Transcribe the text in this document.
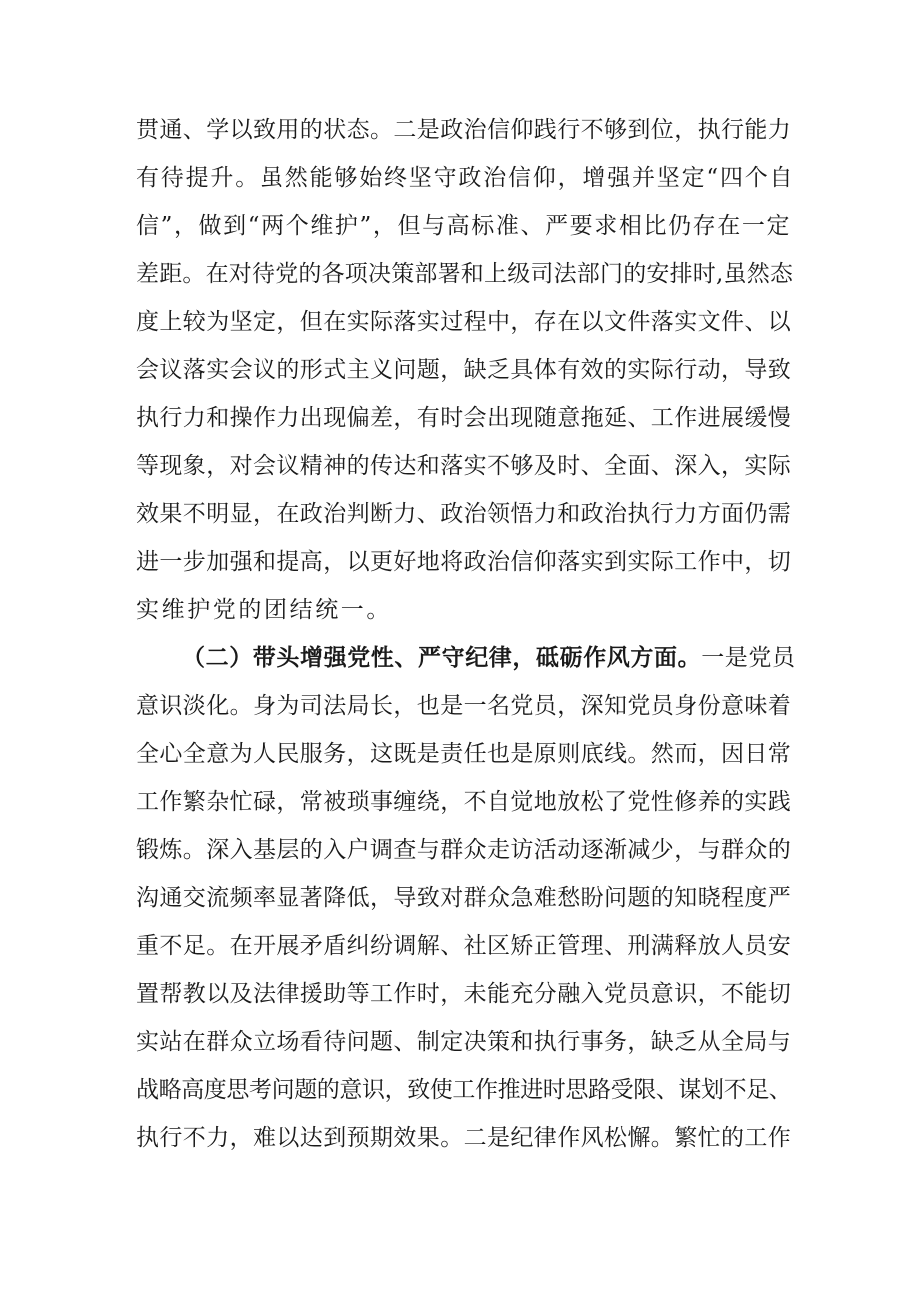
贯通、学以致用的状态。二是政治信仰践行不够到位，执行能力
有待提升。虽然能够始终坚守政治信仰，增强并坚定“四个自
信”，做到“两个维护”，但与高标准、严要求相比仍存在一定
差距。在对待党的各项决策部署和上级司法部门的安排时,虽然态
度上较为坚定，但在实际落实过程中，存在以文件落实文件、以
会议落实会议的形式主义问题，缺乏具体有效的实际行动，导致
执行力和操作力出现偏差，有时会出现随意拖延、工作进展缓慢
等现象，对会议精神的传达和落实不够及时、全面、深入，实际
效果不明显，在政治判断力、政治领悟力和政治执行力方面仍需
进一步加强和提高，以更好地将政治信仰落实到实际工作中，切
实维护党的团结统一。
（二）带头增强党性、严守纪律，砥砺作风方面。一是党员
意识淡化。身为司法局长，也是一名党员，深知党员身份意味着
全心全意为人民服务，这既是责任也是原则底线。然而，因日常
工作繁杂忙碌，常被琐事缠绕，不自觉地放松了党性修养的实践
锻炼。深入基层的入户调查与群众走访活动逐渐减少，与群众的
沟通交流频率显著降低，导致对群众急难愁盼问题的知晓程度严
重不足。在开展矛盾纠纷调解、社区矫正管理、刑满释放人员安
置帮教以及法律援助等工作时，未能充分融入党员意识，不能切
实站在群众立场看待问题、制定决策和执行事务，缺乏从全局与
战略高度思考问题的意识，致使工作推进时思路受限、谋划不足、
执行不力，难以达到预期效果。二是纪律作风松懈。繁忙的工作
